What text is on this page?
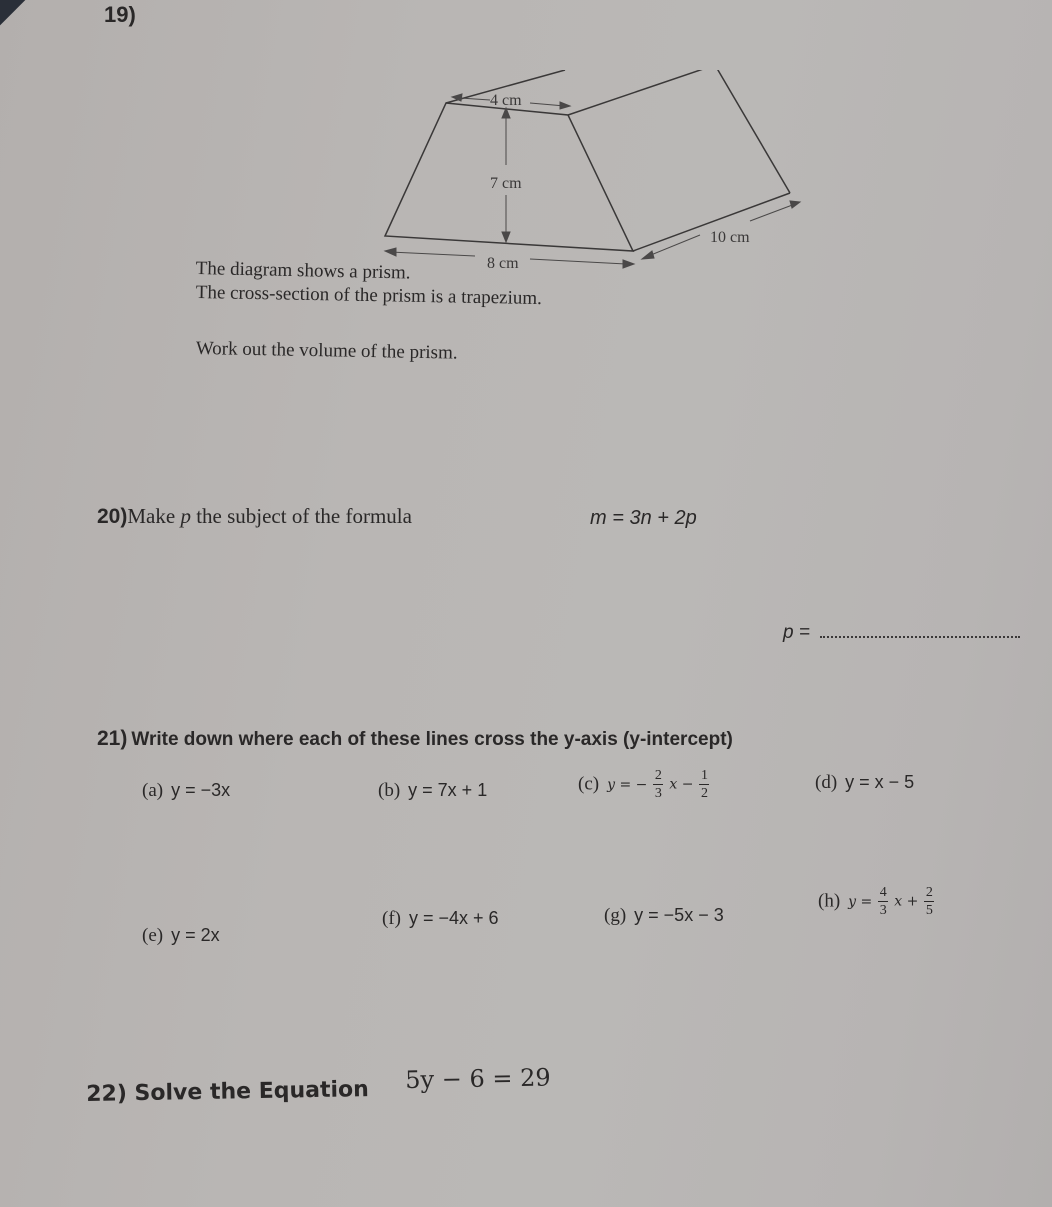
19)
4 cm
7 cm
8 cm
10 cm
The diagram shows a prism.
The cross-section of the prism is a trapezium.
Work out the volume of the prism.
20)Make p the subject of the formula	m = 3n + 2p
p =
21) Write down where each of these lines cross the y-axis (y-intercept)
(a) y = −3x	(b) y = 7x + 1	(c) y = − $\frac{2}{3}$ $x - \frac{1}{2}$	(d) y = x − 5
(e) y = 2x
(f) y = −4x + 6	(g) y = −5x − 3
(h) $y = \frac{4}{3}$ $x + \frac{2}{5}$
22) Solve the Equation 5y − 6 = 29
